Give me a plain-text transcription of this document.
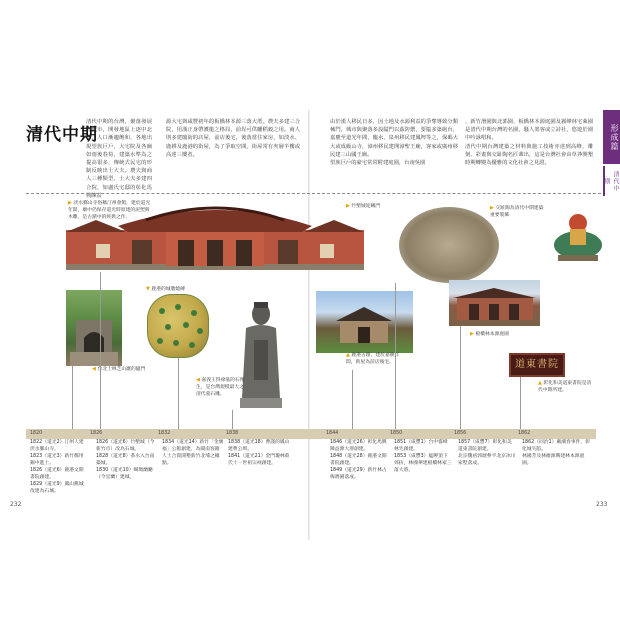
清代中期

清代中期的台灣，聚落發展為城市，開發地區上逐中北部，人口漸趨飽和，各地出現望族巨戶，大宅院及各廟如雨後春筍，建築水準為之提高很多，傳統式民宅的形制反映出士大夫。農夫與商人三種類型，士大夫多建四合院，如盧氏宅邸的彰化馬興陳益

源大宅與咸豐初年的板橋林本源三落大厝。農夫多建三合院，用漢正身帶護龍之格局，前埕可供曬稻穀之用。商人則多建臨街的店屋，前店後宅，後落當住家房，如淡水、鹿耕及鹿港的街屋，為了爭取空間，街屋常有夾層半樓或高達三樓者。

由於漢人移民日多，因土地及水源利益的爭奪導致分類械鬥，城市與聚落多設隘門以茲防禦，要隘多築砲台，嘉慶至道光年間，臨水、泉州移民建鳳埤等之，保碼大大或成級山寺，漳州移民建開漳聖王廟，客家或廣州移民建三山國王廟。
望族巨戶的豪宅常常附建庭園，台南吳園

、新竹潛園與北郭園、板橋林本源庭園及霧峰林宅萊園是清代中期台灣的名園，騷人墨客或立詩社，悠遊於園中吟詠唱和。
清代中期台灣建築之材料與施工技術亦達到高峰，雕刻、彩畫與交趾陶名匠輩出，這是台灣社會由草莽開墾時期轉變為優雅的文化社會之見證。

形成篇
清代中期
▶ 淡水鄞山寺俗稱汀州會館，建於道光年間，廟中仍保存道光時原建的泥塑與木雕，是古蹟中的經典之作。
◀ 台北士林芝山巖的隘門
▼ 鹿港的城牆燒磚
◀ 嘉義王得祿墓的石像生，是台灣規模最大之清代墓石雕。
▶ 竹塹城迎曦門
▲ 鹿港古蹟、建於嘉慶年間，街屋為前店後宅。
▶ 板橋林本源庭園
▶ 交趾陶為清代中期建築重要裝飾
道東書院
▲ 彰化和美道東書院是清代中期所建。
1820	1826	1832	1838	1844	1850	1856	1862
1822（道光2）汀州人建淡水鄞山寺。
1823（道光3）新竹鄭用錫中進士。
1826（道光6）鹿港文開書院創建。
1829（道光9）鳳山舊城改建為石城。
1826（道光6）竹塹城（今新竹市）改為石城。
1828（道光8）茶水入台南築城。
1830（道光10）噶瑪蘭廳（今宜蘭）建城。
1834（道光14）新竹「金廣福」公館創建，為閩南客籍人士合資開墾新竹北埔之據點。
1838（道光18）曹謹的鳳山建曹公圳。
1841（道光21）金門瓊林蔡氏十一世祖宗祠創建。
1846（道光26）彰化馬興陳益源大厝創建。
1848（道光28）鹿港文開書院創建。
1849（道光29）新竹林占梅潛園落成。
1851（咸豐1）台中霧峰林宅創建。
1853（咸豐3）艋舺頂下郊拚，林國華建板橋林家三落大厝。
1857（咸豐7）彰化和美道東書院創建。
北京魏初郭琥參平北京冰川家墅落成。
1862（同治1）戴潮春事件，彰化城失陷。
林國芳及林維源興建林本源庭園。
232	233
